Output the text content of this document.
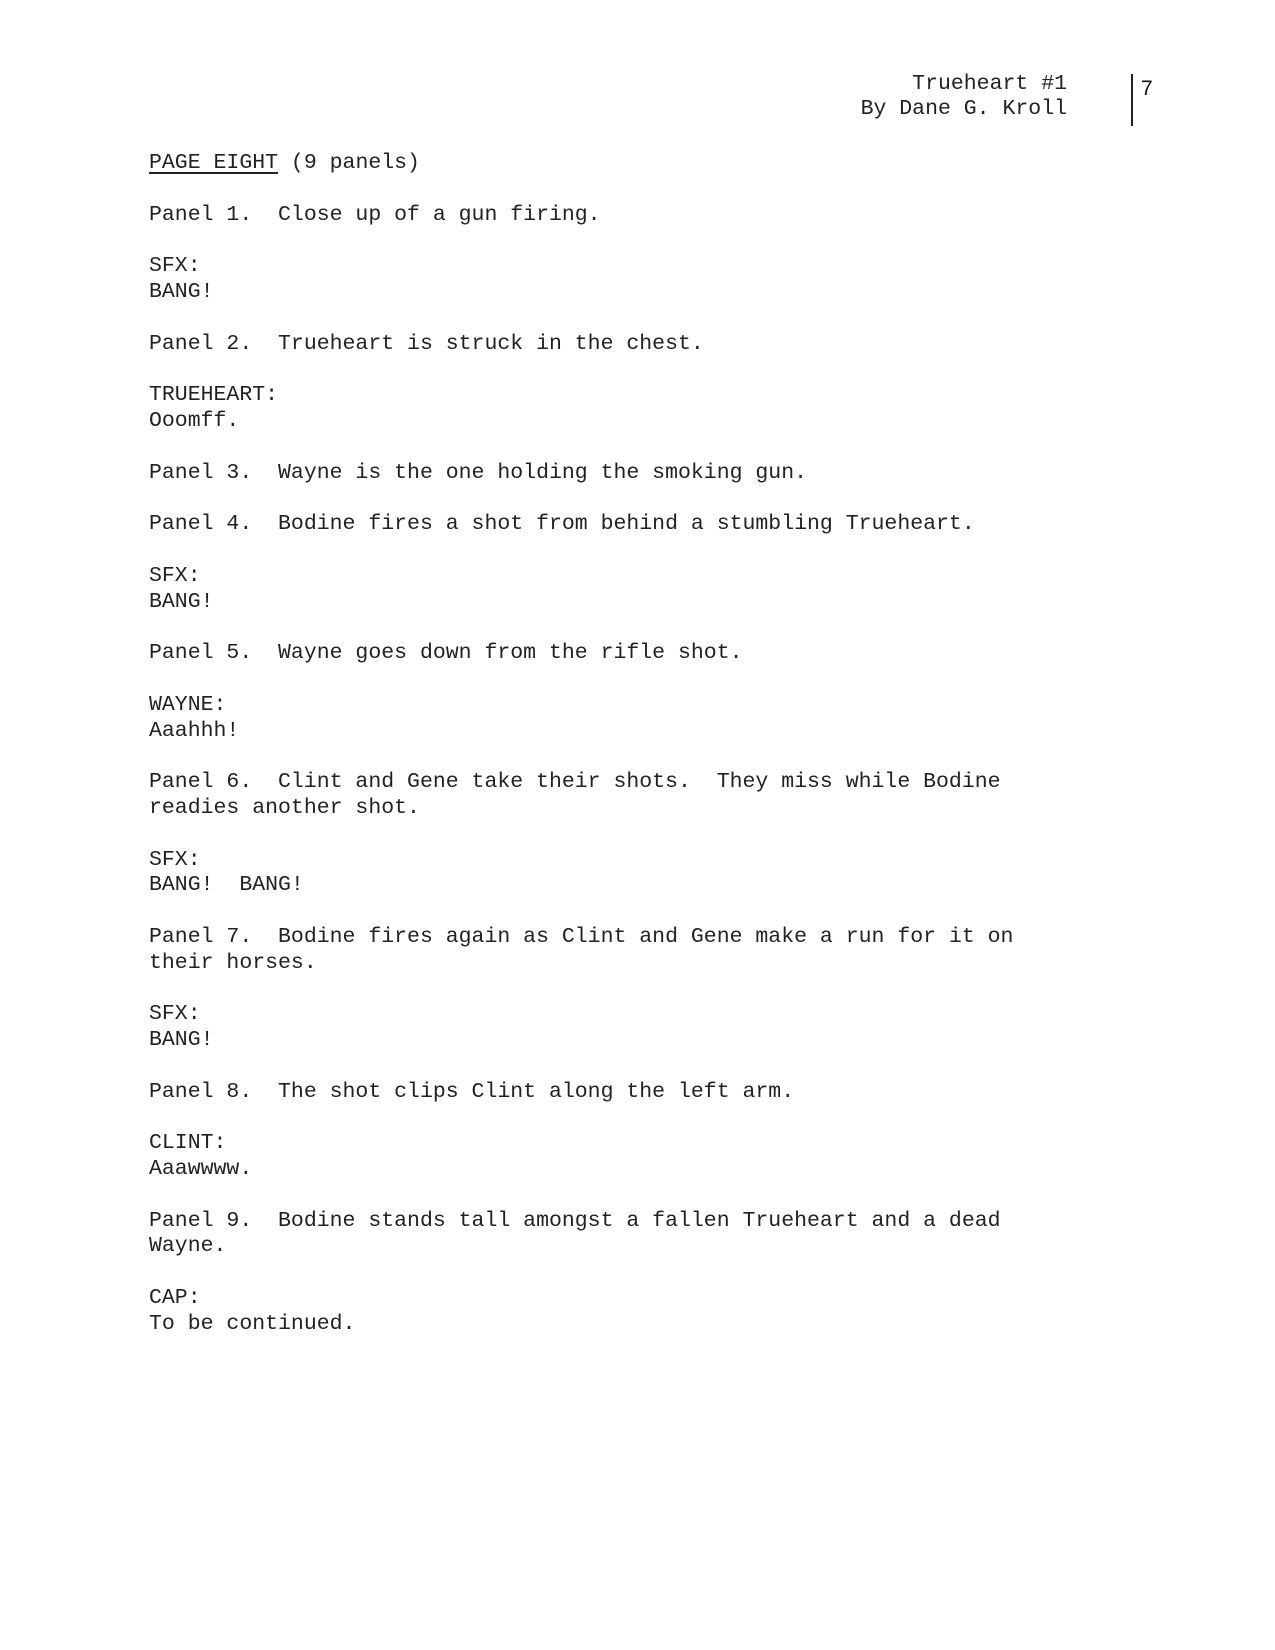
Trueheart #1
By Dane G. Kroll
7
PAGE EIGHT (9 panels)
Panel 1.  Close up of a gun firing.
SFX:
BANG!
Panel 2.  Trueheart is struck in the chest.
TRUEHEART:
Ooomff.
Panel 3.  Wayne is the one holding the smoking gun.
Panel 4.  Bodine fires a shot from behind a stumbling Trueheart.
SFX:
BANG!
Panel 5.  Wayne goes down from the rifle shot.
WAYNE:
Aaahhh!
Panel 6.  Clint and Gene take their shots.  They miss while Bodine
readies another shot.
SFX:
BANG!  BANG!
Panel 7.  Bodine fires again as Clint and Gene make a run for it on
their horses.
SFX:
BANG!
Panel 8.  The shot clips Clint along the left arm.
CLINT:
Aaawwww.
Panel 9.  Bodine stands tall amongst a fallen Trueheart and a dead
Wayne.
CAP:
To be continued.
